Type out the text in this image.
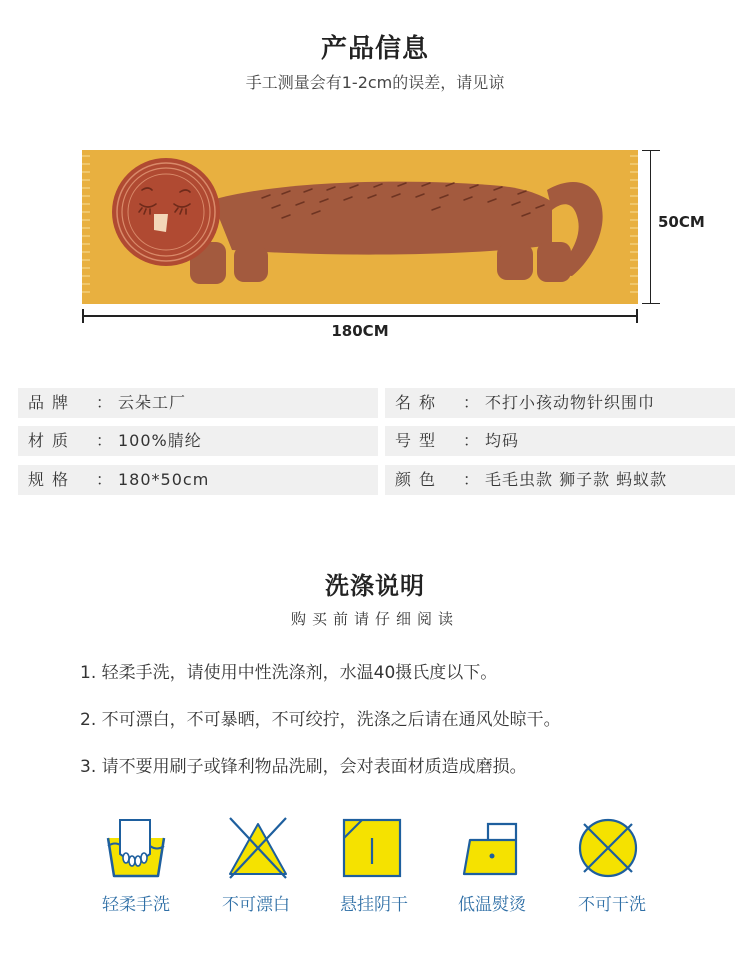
产品信息
手工测量会有1-2cm的误差，请见谅
180CM
50CM
品牌 ： 云朵工厂	名称 ： 不打小孩动物针织围巾
材质 ： 100%腈纶	号型 ： 均码
规格 ： 180*50cm	颜色 ： 毛毛虫款 狮子款 蚂蚁款
洗涤说明
购买前请仔细阅读
1. 轻柔手洗，请使用中性洗涤剂，水温40摄氏度以下。
2. 不可漂白，不可暴晒，不可绞拧，洗涤之后请在通风处晾干。
3. 请不要用刷子或锋利物品洗刷，会对表面材质造成磨损。
轻柔手洗	不可漂白	悬挂阴干	低温熨烫	不可干洗
